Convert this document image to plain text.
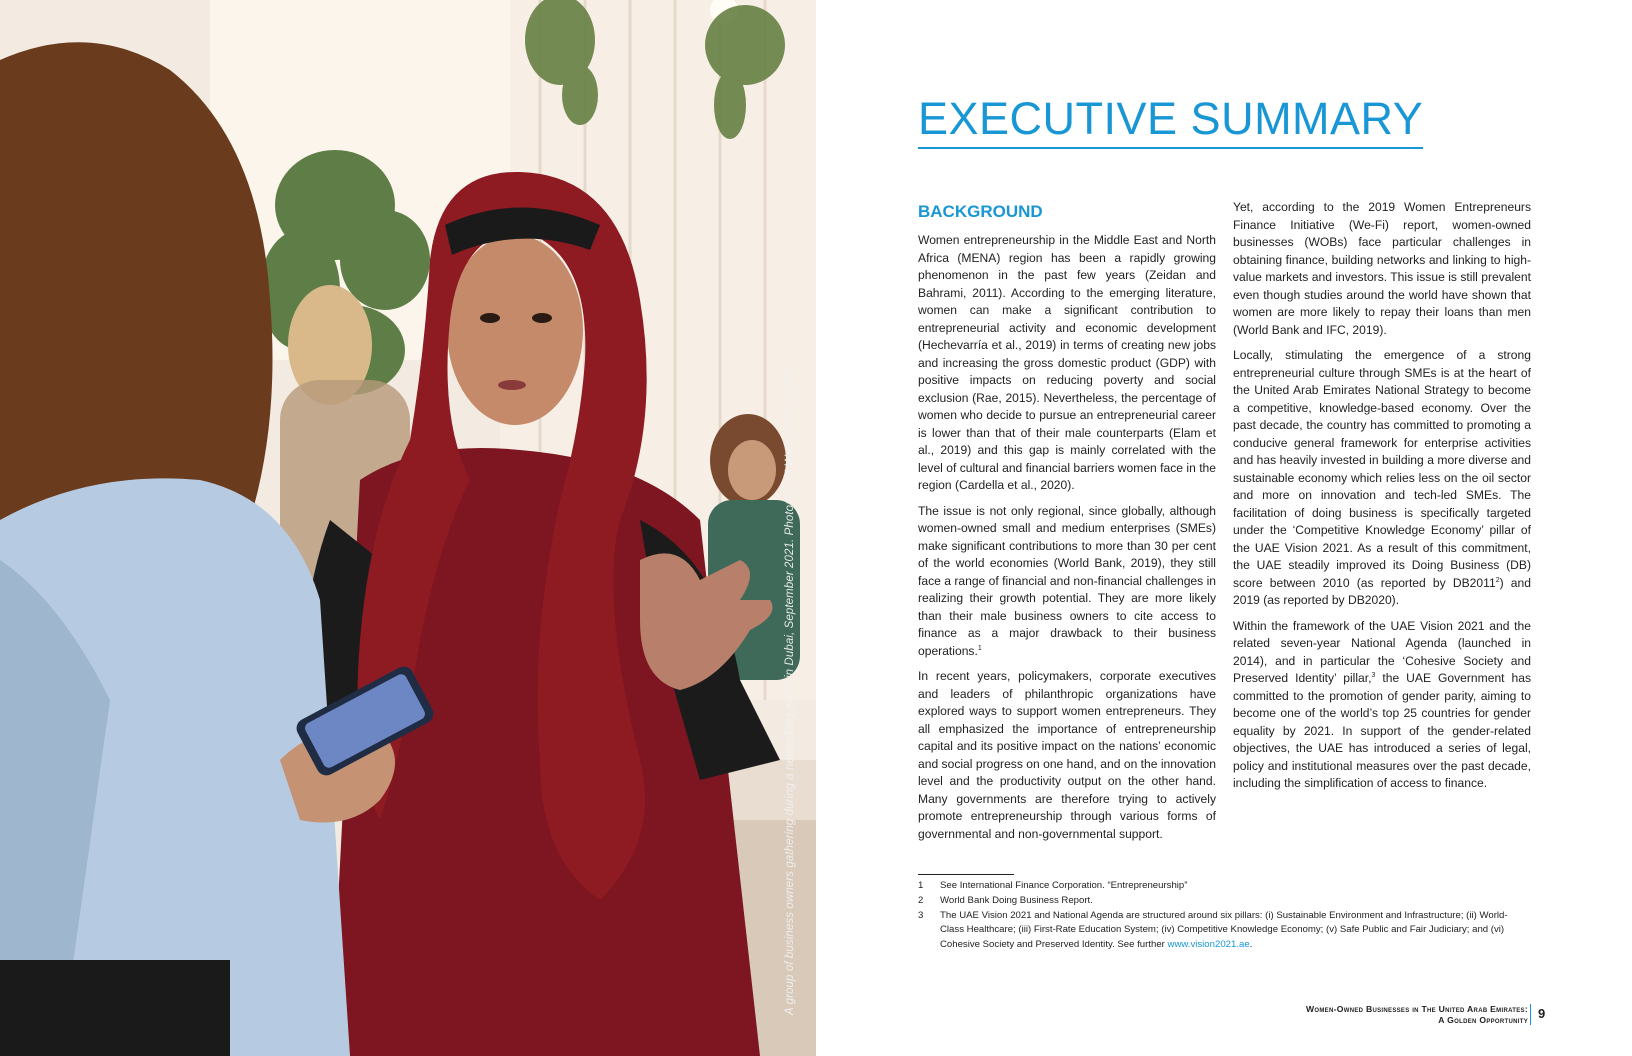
A group of business owners gathering during a networking event in Dubai, September 2021. Photo: © UN Women/Ian Hardie
EXECUTIVE SUMMARY
BACKGROUND

Women entrepreneurship in the Middle East and North Africa (MENA) region has been a rapidly growing phenomenon in the past few years (Zeidan and Bahrami, 2011). According to the emerging literature, women can make a significant contribution to entrepreneurial activity and economic development (Hechevarría et al., 2019) in terms of creating new jobs and increasing the gross domestic product (GDP) with positive impacts on reducing poverty and social exclusion (Rae, 2015). Nevertheless, the percentage of women who decide to pursue an entrepreneurial career is lower than that of their male counterparts (Elam et al., 2019) and this gap is mainly correlated with the level of cultural and financial barriers women face in the region (Cardella et al., 2020).

The issue is not only regional, since globally, although women-owned small and medium enterprises (SMEs) make significant contributions to more than 30 per cent of the world economies (World Bank, 2019), they still face a range of financial and non-financial challenges in realizing their growth potential. They are more likely than their male business owners to cite access to finance as a major drawback to their business operations.$^1$

In recent years, policymakers, corporate executives and leaders of philanthropic organizations have explored ways to support women entrepreneurs. They all emphasized the importance of entrepreneurship capital and its positive impact on the nations’ economic and social progress on one hand, and on the innovation level and the productivity output on the other hand. Many governments are therefore trying to actively promote entrepreneurship through various forms of governmental and non-governmental support.

Yet, according to the 2019 Women Entrepreneurs Finance Initiative (We-Fi) report, women-owned businesses (WOBs) face particular challenges in obtaining finance, building networks and linking to high-value markets and investors. This issue is still prevalent even though studies around the world have shown that women are more likely to repay their loans than men (World Bank and IFC, 2019).

Locally, stimulating the emergence of a strong entrepreneurial culture through SMEs is at the heart of the United Arab Emirates National Strategy to become a competitive, knowledge-based economy. Over the past decade, the country has committed to promoting a conducive general framework for enterprise activities and has heavily invested in building a more diverse and sustainable economy which relies less on the oil sector and more on innovation and tech-led SMEs. The facilitation of doing business is specifically targeted under the ‘Competitive Knowledge Economy’ pillar of the UAE Vision 2021. As a result of this commitment, the UAE steadily improved its Doing Business (DB) score between 2010 (as reported by DB2011$^2$) and 2019 (as reported by DB2020).

Within the framework of the UAE Vision 2021 and the related seven-year National Agenda (launched in 2014), and in particular the ‘Cohesive Society and Preserved Identity’ pillar,$^3$ the UAE Government has committed to the promotion of gender parity, aiming to become one of the world’s top 25 countries for gender equality by 2021. In support of the gender-related objectives, the UAE has introduced a series of legal, policy and institutional measures over the past decade, including the simplification of access to finance.

1	See International Finance Corporation. “Entrepreneurship”
2	World Bank Doing Business Report.
3	The UAE Vision 2021 and National Agenda are structured around six pillars: (i) Sustainable Environment and Infrastructure; (ii) World-Class Healthcare; (iii) First-Rate Education System; (iv) Competitive Knowledge Economy; (v) Safe Public and Fair Judiciary; and (vi) Cohesive Society and Preserved Identity. See further www.vision2021.ae.
Women-Owned Businesses in The United Arab Emirates:
A Golden Opportunity 9
